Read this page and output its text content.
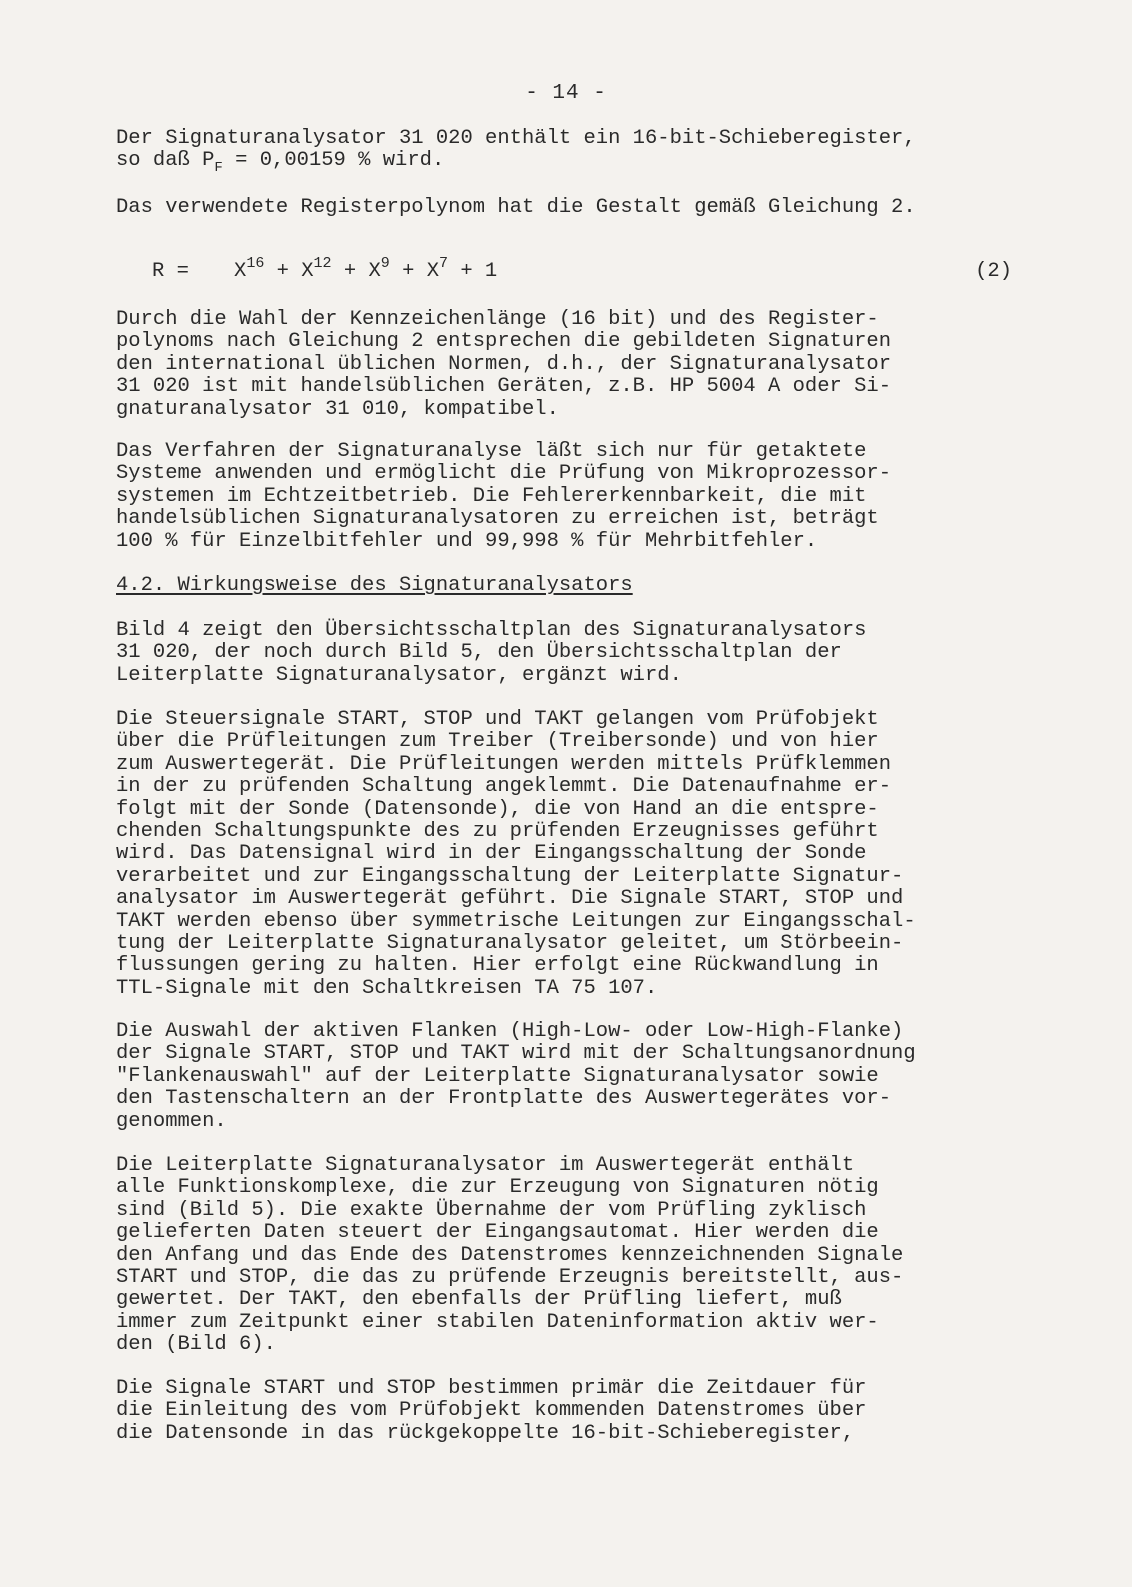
- 14 -
Der Signaturanalysator 31 020 enthält ein 16-bit-Schieberegister,
so daß $P_F = 0,00159$ % wird.
Das verwendete Registerpolynom hat die Gestalt gemäß Gleichung 2.
$R = X^{16} + X^{12} + X^9 + X^7 + 1$	(2)
Durch die Wahl der Kennzeichenlänge (16 bit) und des Register-
polynoms nach Gleichung 2 entsprechen die gebildeten Signaturen
den international üblichen Normen, d.h., der Signaturanalysator
31 020 ist mit handelsüblichen Geräten, z.B. HP 5004 A oder Si-
gnaturanalysator 31 010, kompatibel.
Das Verfahren der Signaturanalyse läßt sich nur für getaktete
Systeme anwenden und ermöglicht die Prüfung von Mikroprozessor-
systemen im Echtzeitbetrieb. Die Fehlererkennbarkeit, die mit
handelsüblichen Signaturanalysatoren zu erreichen ist, beträgt
100 % für Einzelbitfehler und 99,998 % für Mehrbitfehler.
4.2. Wirkungsweise des Signaturanalysators
Bild 4 zeigt den Übersichtsschaltplan des Signaturanalysators
31 020, der noch durch Bild 5, den Übersichtsschaltplan der
Leiterplatte Signaturanalysator, ergänzt wird.
Die Steuersignale START, STOP und TAKT gelangen vom Prüfobjekt
über die Prüfleitungen zum Treiber (Treibersonde) und von hier
zum Auswertegerät. Die Prüfleitungen werden mittels Prüfklemmen
in der zu prüfenden Schaltung angeklemmt. Die Datenaufnahme er-
folgt mit der Sonde (Datensonde), die von Hand an die entspre-
chenden Schaltungspunkte des zu prüfenden Erzeugnisses geführt
wird. Das Datensignal wird in der Eingangsschaltung der Sonde
verarbeitet und zur Eingangsschaltung der Leiterplatte Signatur-
analysator im Auswertegerät geführt. Die Signale START, STOP und
TAKT werden ebenso über symmetrische Leitungen zur Eingangsschal-
tung der Leiterplatte Signaturanalysator geleitet, um Störbeein-
flussungen gering zu halten. Hier erfolgt eine Rückwandlung in
TTL-Signale mit den Schaltkreisen TA 75 107.
Die Auswahl der aktiven Flanken (High-Low- oder Low-High-Flanke)
der Signale START, STOP und TAKT wird mit der Schaltungsanordnung
"Flankenauswahl" auf der Leiterplatte Signaturanalysator sowie
den Tastenschaltern an der Frontplatte des Auswertegerätes vor-
genommen.
Die Leiterplatte Signaturanalysator im Auswertegerät enthält
alle Funktionskomplexe, die zur Erzeugung von Signaturen nötig
sind (Bild 5). Die exakte Übernahme der vom Prüfling zyklisch
gelieferten Daten steuert der Eingangsautomat. Hier werden die
den Anfang und das Ende des Datenstromes kennzeichnenden Signale
START und STOP, die das zu prüfende Erzeugnis bereitstellt, aus-
gewertet. Der TAKT, den ebenfalls der Prüfling liefert, muß
immer zum Zeitpunkt einer stabilen Dateninformation aktiv wer-
den (Bild 6).
Die Signale START und STOP bestimmen primär die Zeitdauer für
die Einleitung des vom Prüfobjekt kommenden Datenstromes über
die Datensonde in das rückgekoppelte 16-bit-Schieberegister,
